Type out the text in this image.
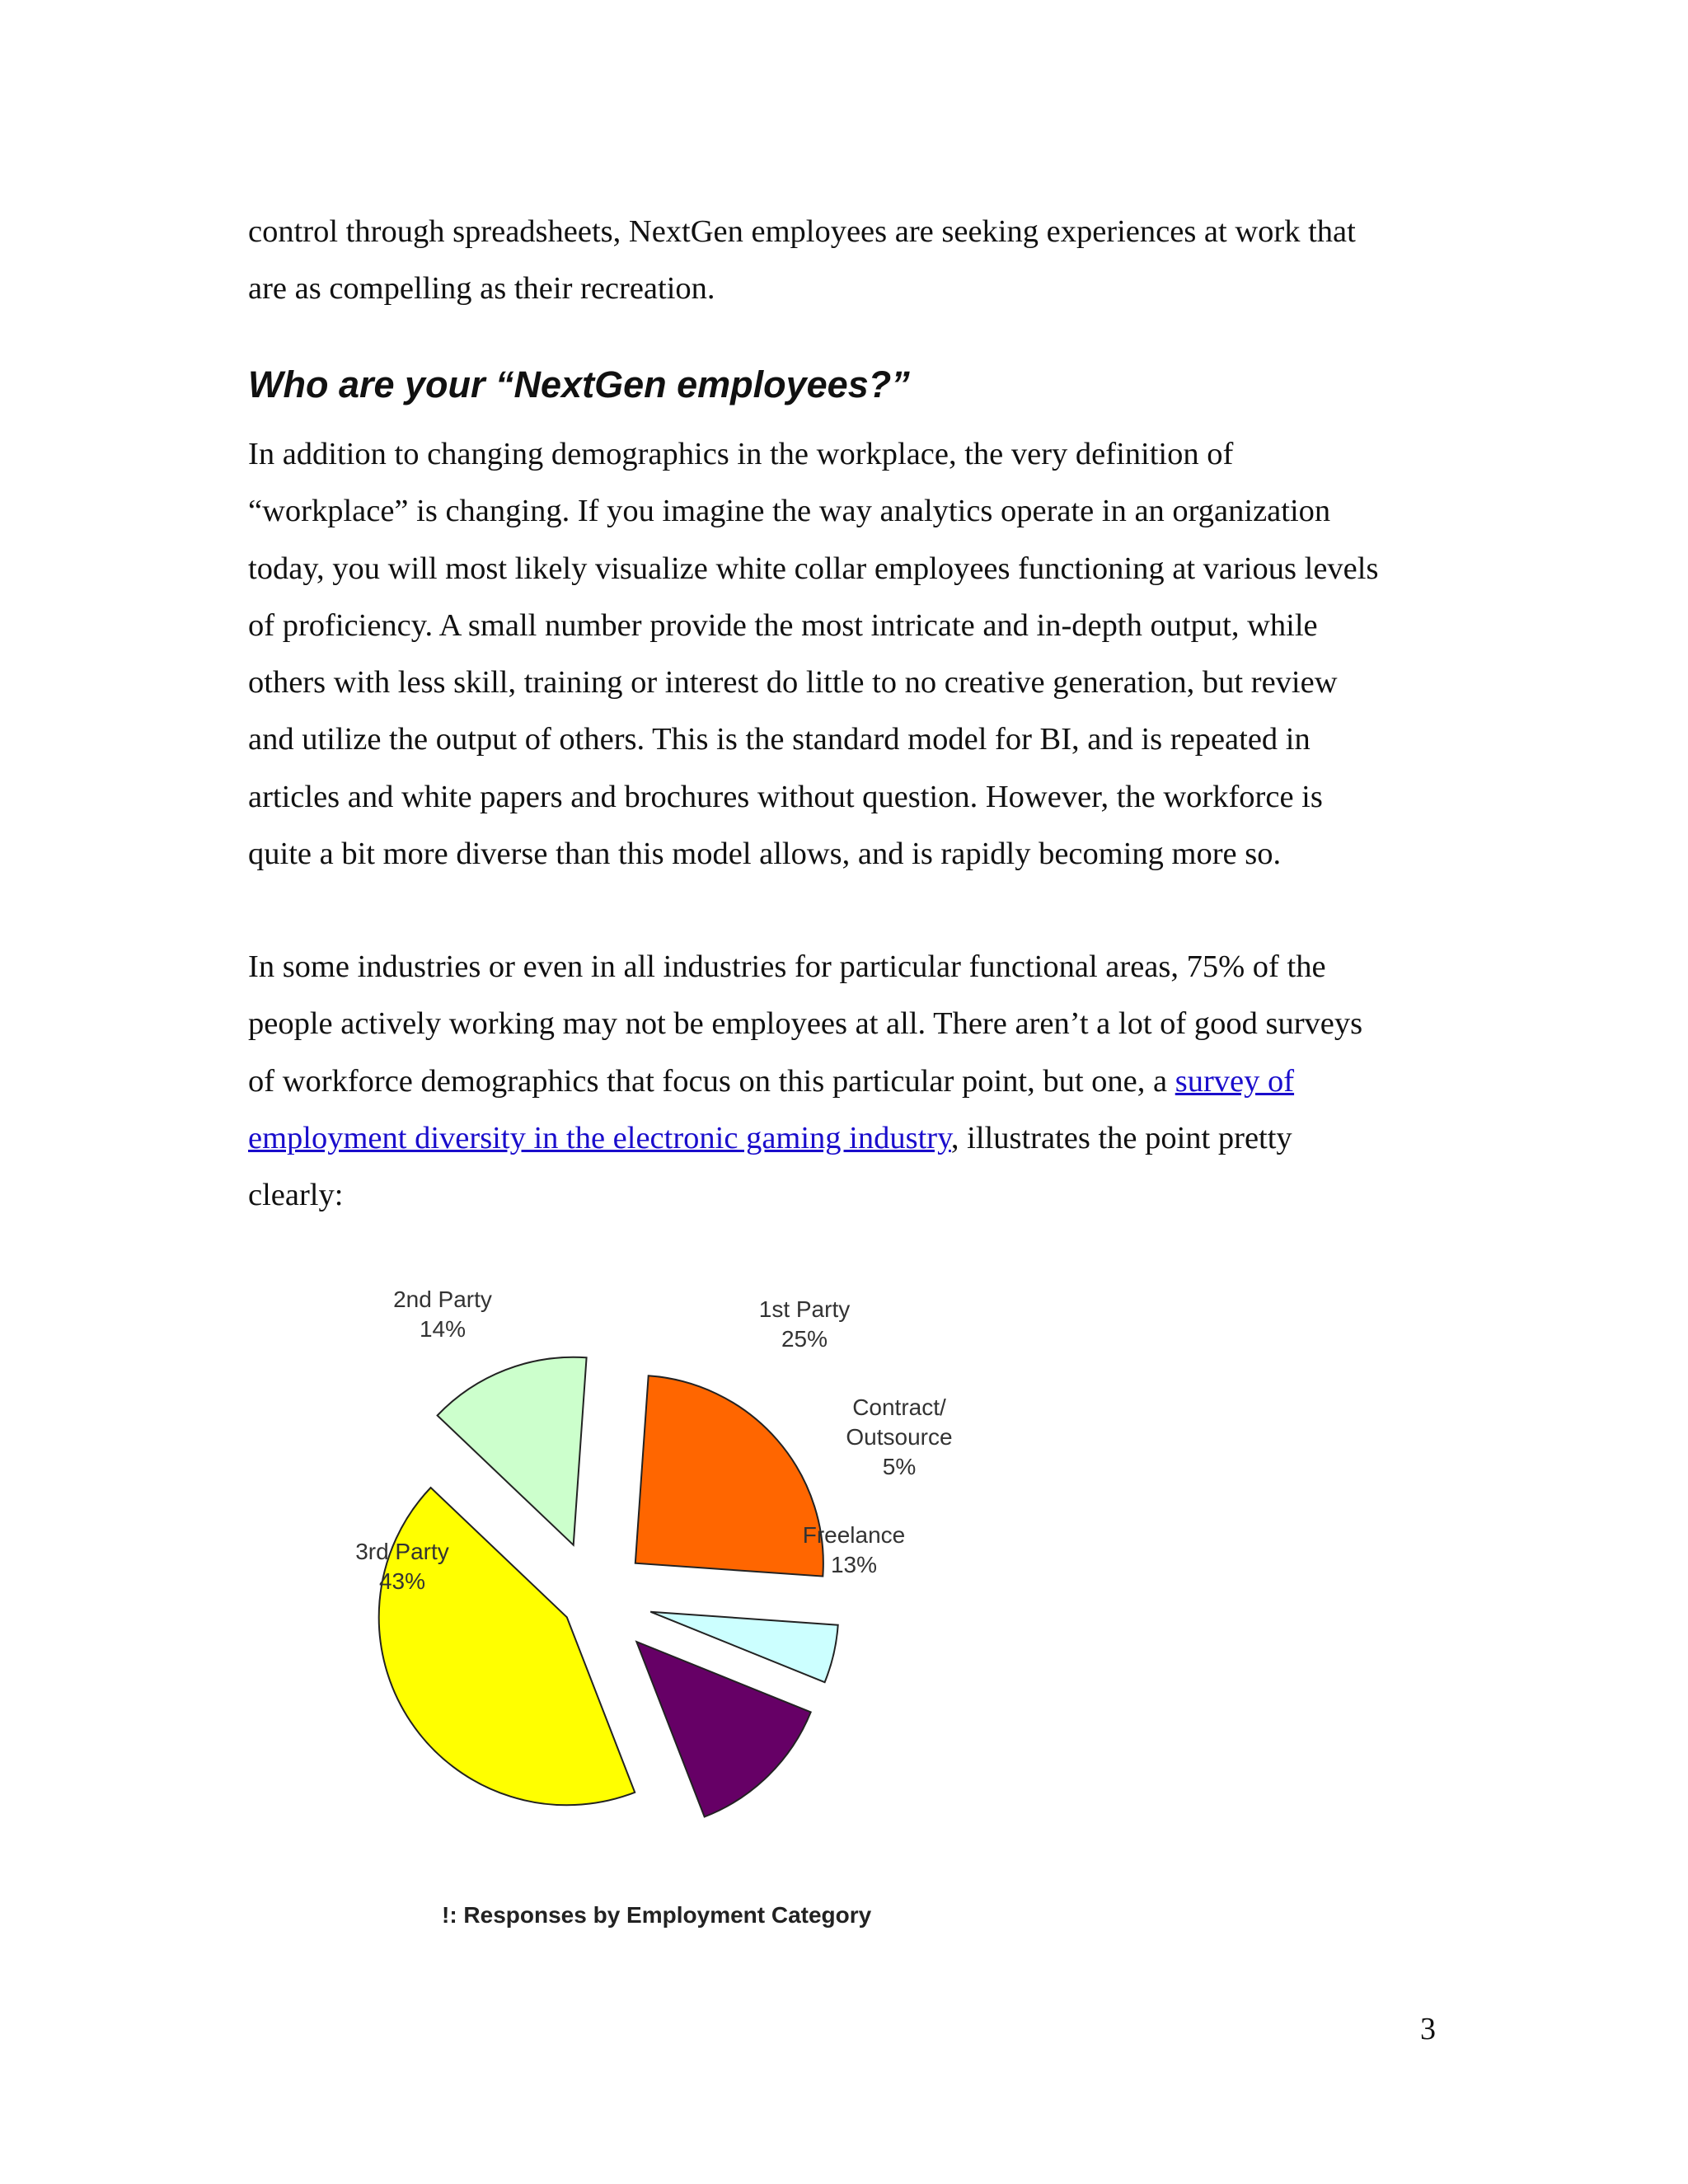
control through spreadsheets, NextGen employees are seeking experiences at work that
are as compelling as their recreation.

Who are your “NextGen employees?”

In addition to changing demographics in the workplace, the very definition of
“workplace” is changing. If you imagine the way analytics operate in an organization
today, you will most likely visualize white collar employees functioning at various levels
of proficiency. A small number provide the most intricate and in-depth output, while
others with less skill, training or interest do little to no creative generation, but review
and utilize the output of others. This is the standard model for BI, and is repeated in
articles and white papers and brochures without question. However, the workforce is
quite a bit more diverse than this model allows, and is rapidly becoming more so.

In some industries or even in all industries for particular functional areas, 75% of the
people actively working may not be employees at all. There aren’t a lot of good surveys
of workforce demographics that focus on this particular point, but one, a survey of
employment diversity in the electronic gaming industry, illustrates the point pretty
clearly:

1st Party 25%
Contract/ Outsource 5%
Freelance 13%
3rd Party 43%
2nd Party 14%

!: Responses by Employment Category

3
